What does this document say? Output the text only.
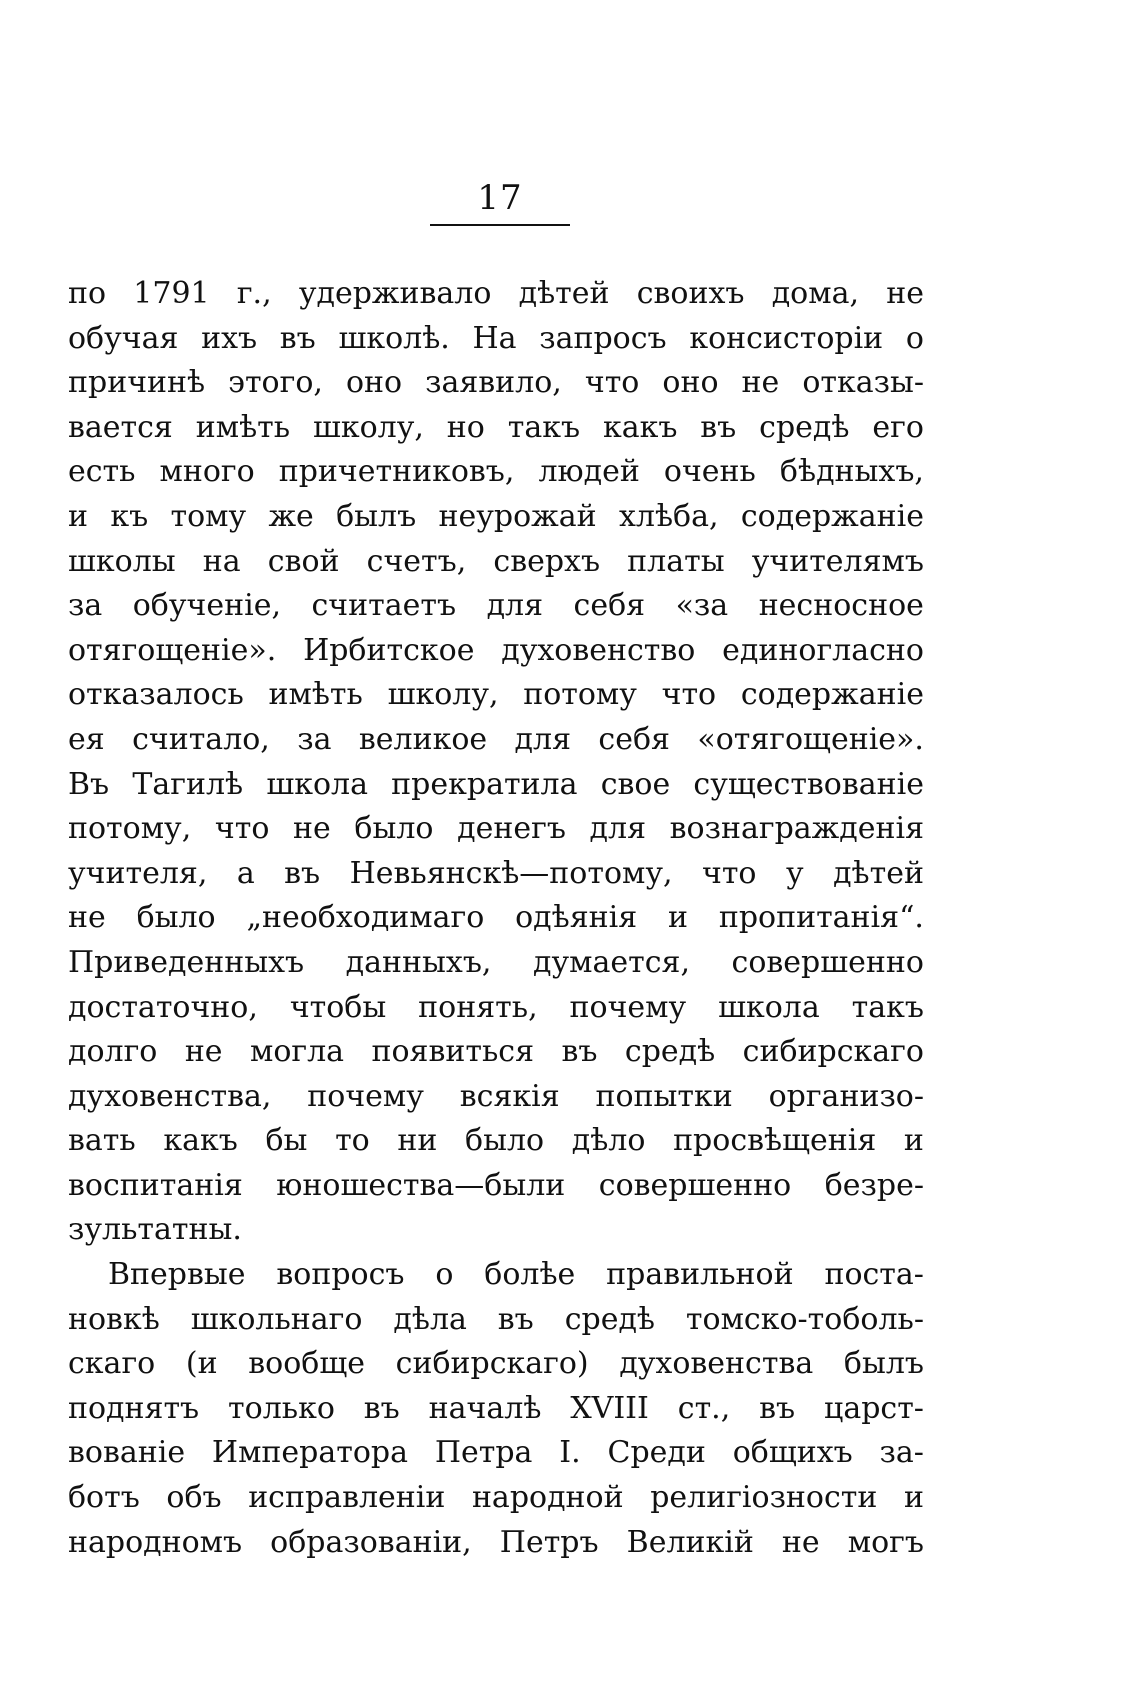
17
по 1791 г., удерживало дѣтей своихъ дома, не
обучая ихъ въ школѣ. На запросъ консисторіи о
причинѣ этого, оно заявило, что оно не отказы-
вается имѣть школу, но такъ какъ въ средѣ его
есть много причетниковъ, людей очень бѣдныхъ,
и къ тому же былъ неурожай хлѣба, содержаніе
школы на свой счетъ, сверхъ платы учителямъ
за обученіе, считаетъ для себя «за несносное
отягощеніе». Ирбитское духовенство единогласно
отказалось имѣть школу, потому что содержаніе
ея считало, за великое для себя «отягощеніе».
Въ Тагилѣ школа прекратила свое существованіе
потому, что не было денегъ для вознагражденія
учителя, а въ Невьянскѣ—потому, что у дѣтей
не было „необходимаго одѣянія и пропитанія“.
Приведенныхъ данныхъ, думается, совершенно
достаточно, чтобы понять, почему школа такъ
долго не могла появиться въ средѣ сибирскаго
духовенства, почему всякія попытки организо-
вать какъ бы то ни было дѣло просвѣщенія и
воспитанія юношества—были совершенно безре-
зультатны.
Впервые вопросъ о болѣе правильной поста-
новкѣ школьнаго дѣла въ средѣ томско-тоболь-
скаго (и вообще сибирскаго) духовенства былъ
поднятъ только въ началѣ XVIII ст., въ царст-
вованіе Императора Петра I. Среди общихъ за-
ботъ объ исправленіи народной религіозности и
народномъ образованіи, Петръ Великій не могъ
